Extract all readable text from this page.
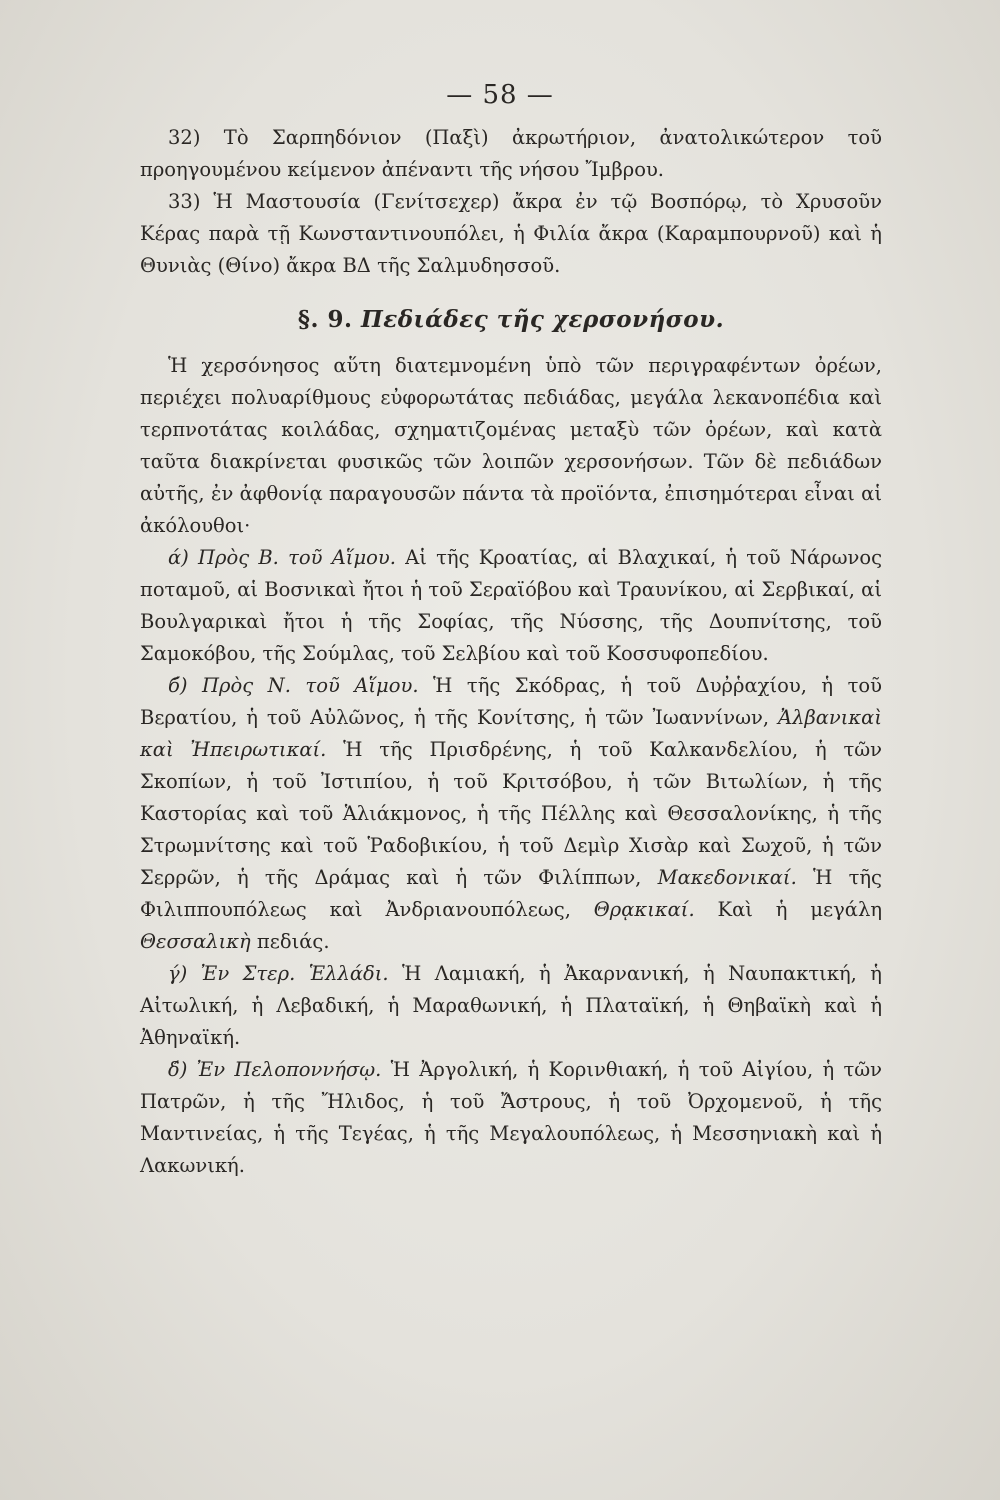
— 58 —

32) Τὸ Σαρπηδόνιον (Παξὶ) ἀκρωτήριον, ἀνατολικώτερον τοῦ προηγουμένου κείμενον ἀπέναντι τῆς νήσου Ἴμβρου.

33) Ἡ Μαστουσία (Γενίτσεχερ) ἄκρα ἐν τῷ Βοσπόρῳ, τὸ Χρυσοῦν Κέρας παρὰ τῇ Κωνσταντινουπόλει, ἡ Φιλία ἄκρα (Καραμπουρνοῦ) καὶ ἡ Θυνιὰς (Θίνο) ἄκρα ΒΔ τῆς Σαλμυδησσοῦ.

§. 9. Πεδιάδες τῆς χερσονήσου.

Ἡ χερσόνησος αὕτη διατεμνομένη ὑπὸ τῶν περιγραφέντων ὀρέων, περιέχει πολυαρίθμους εὐφορωτάτας πεδιάδας, μεγάλα λεκανοπέδια καὶ τερπνοτάτας κοιλάδας, σχηματιζομένας μεταξὺ τῶν ὀρέων, καὶ κατὰ ταῦτα διακρίνεται φυσικῶς τῶν λοιπῶν χερσονήσων. Τῶν δὲ πεδιάδων αὐτῆς, ἐν ἀφθονίᾳ παραγουσῶν πάντα τὰ προϊόντα, ἐπισημότεραι εἶναι αἱ ἀκόλουθοι·

ά) Πρὸς Β. τοῦ Αἵμου. Αἱ τῆς Κροατίας, αἱ Βλαχικαί, ἡ τοῦ Νάρωνος ποταμοῦ, αἱ Βοσνικαὶ ἤτοι ἡ τοῦ Σεραϊόβου καὶ Τραυνίκου, αἱ Σερβικαί, αἱ Βουλγαρικαὶ ἤτοι ἡ τῆς Σοφίας, τῆς Νύσσης, τῆς Δουπνίτσης, τοῦ Σαμοκόβου, τῆς Σούμλας, τοῦ Σελβίου καὶ τοῦ Κοσσυφοπεδίου.

б́) Πρὸς Ν. τοῦ Αἵμου. Ἡ τῆς Σκόδρας, ἡ τοῦ Δυῤῥαχίου, ἡ τοῦ Βερατίου, ἡ τοῦ Αὐλῶνος, ἡ τῆς Κονίτσης, ἡ τῶν Ἰωαννίνων, Ἀλβανικαὶ καὶ Ἠπειρωτικαί. Ἡ τῆς Πρισδρένης, ἡ τοῦ Καλκανδελίου, ἡ τῶν Σκοπίων, ἡ τοῦ Ἰστιπίου, ἡ τοῦ Κριτσόβου, ἡ τῶν Βιτωλίων, ἡ τῆς Καστορίας καὶ τοῦ Ἁλιάκμονος, ἡ τῆς Πέλλης καὶ Θεσσαλονίκης, ἡ τῆς Στρωμνίτσης καὶ τοῦ Ῥαδοβικίου, ἡ τοῦ Δεμὶρ Χισὰρ καὶ Σωχοῦ, ἡ τῶν Σερρῶν, ἡ τῆς Δράμας καὶ ἡ τῶν Φιλίππων, Μακεδονικαί. Ἡ τῆς Φιλιππουπόλεως καὶ Ἀνδριανουπόλεως, Θρᾳκικαί. Καὶ ἡ μεγάλη Θεσσαλικὴ πεδιάς.

γ́) Ἐν Στερ. Ἑλλάδι. Ἡ Λαμιακή, ἡ Ἀκαρνανική, ἡ Ναυπακτική, ἡ Αἰτωλική, ἡ Λεβαδική, ἡ Μαραθωνική, ἡ Πλαταϊκή, ἡ Θηβαϊκὴ καὶ ἡ Ἀθηναϊκή.

δ́) Ἐν Πελοποννήσῳ. Ἡ Ἀργολική, ἡ Κορινθιακή, ἡ τοῦ Αἰγίου, ἡ τῶν Πατρῶν, ἡ τῆς Ἤλιδος, ἡ τοῦ Ἄστρους, ἡ τοῦ Ὀρχομενοῦ, ἡ τῆς Μαντινείας, ἡ τῆς Τεγέας, ἡ τῆς Μεγαλουπόλεως, ἡ Μεσσηνιακὴ καὶ ἡ Λακωνική.
